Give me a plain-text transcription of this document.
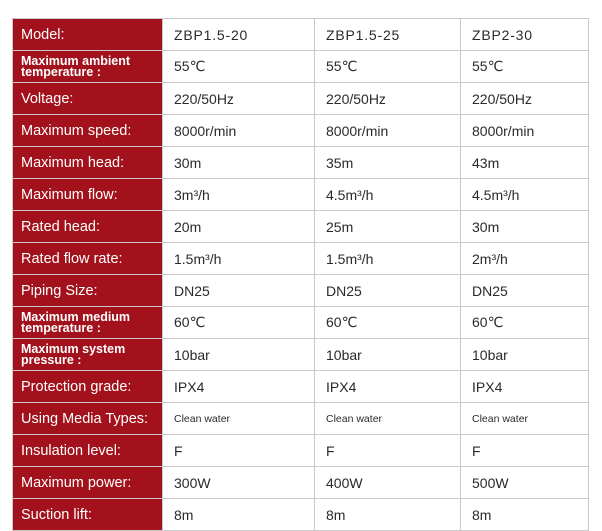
Model:	ZBP1.5-20	ZBP1.5-25	ZBP2-30
Maximum ambient temperature :	55℃	55℃	55℃
Voltage:	220/50Hz	220/50Hz	220/50Hz
Maximum speed:	8000r/min	8000r/min	8000r/min
Maximum head:	30m	35m	43m
Maximum flow:	3m³/h	4.5m³/h	4.5m³/h
Rated head:	20m	25m	30m
Rated flow rate:	1.5m³/h	1.5m³/h	2m³/h
Piping Size:	DN25	DN25	DN25
Maximum medium temperature :	60℃	60℃	60℃
Maximum system pressure :	10bar	10bar	10bar
Protection grade:	IPX4	IPX4	IPX4
Using Media Types:	Clean water	Clean water	Clean water
Insulation level:	F	F	F
Maximum power:	300W	400W	500W
Suction lift:	8m	8m	8m
